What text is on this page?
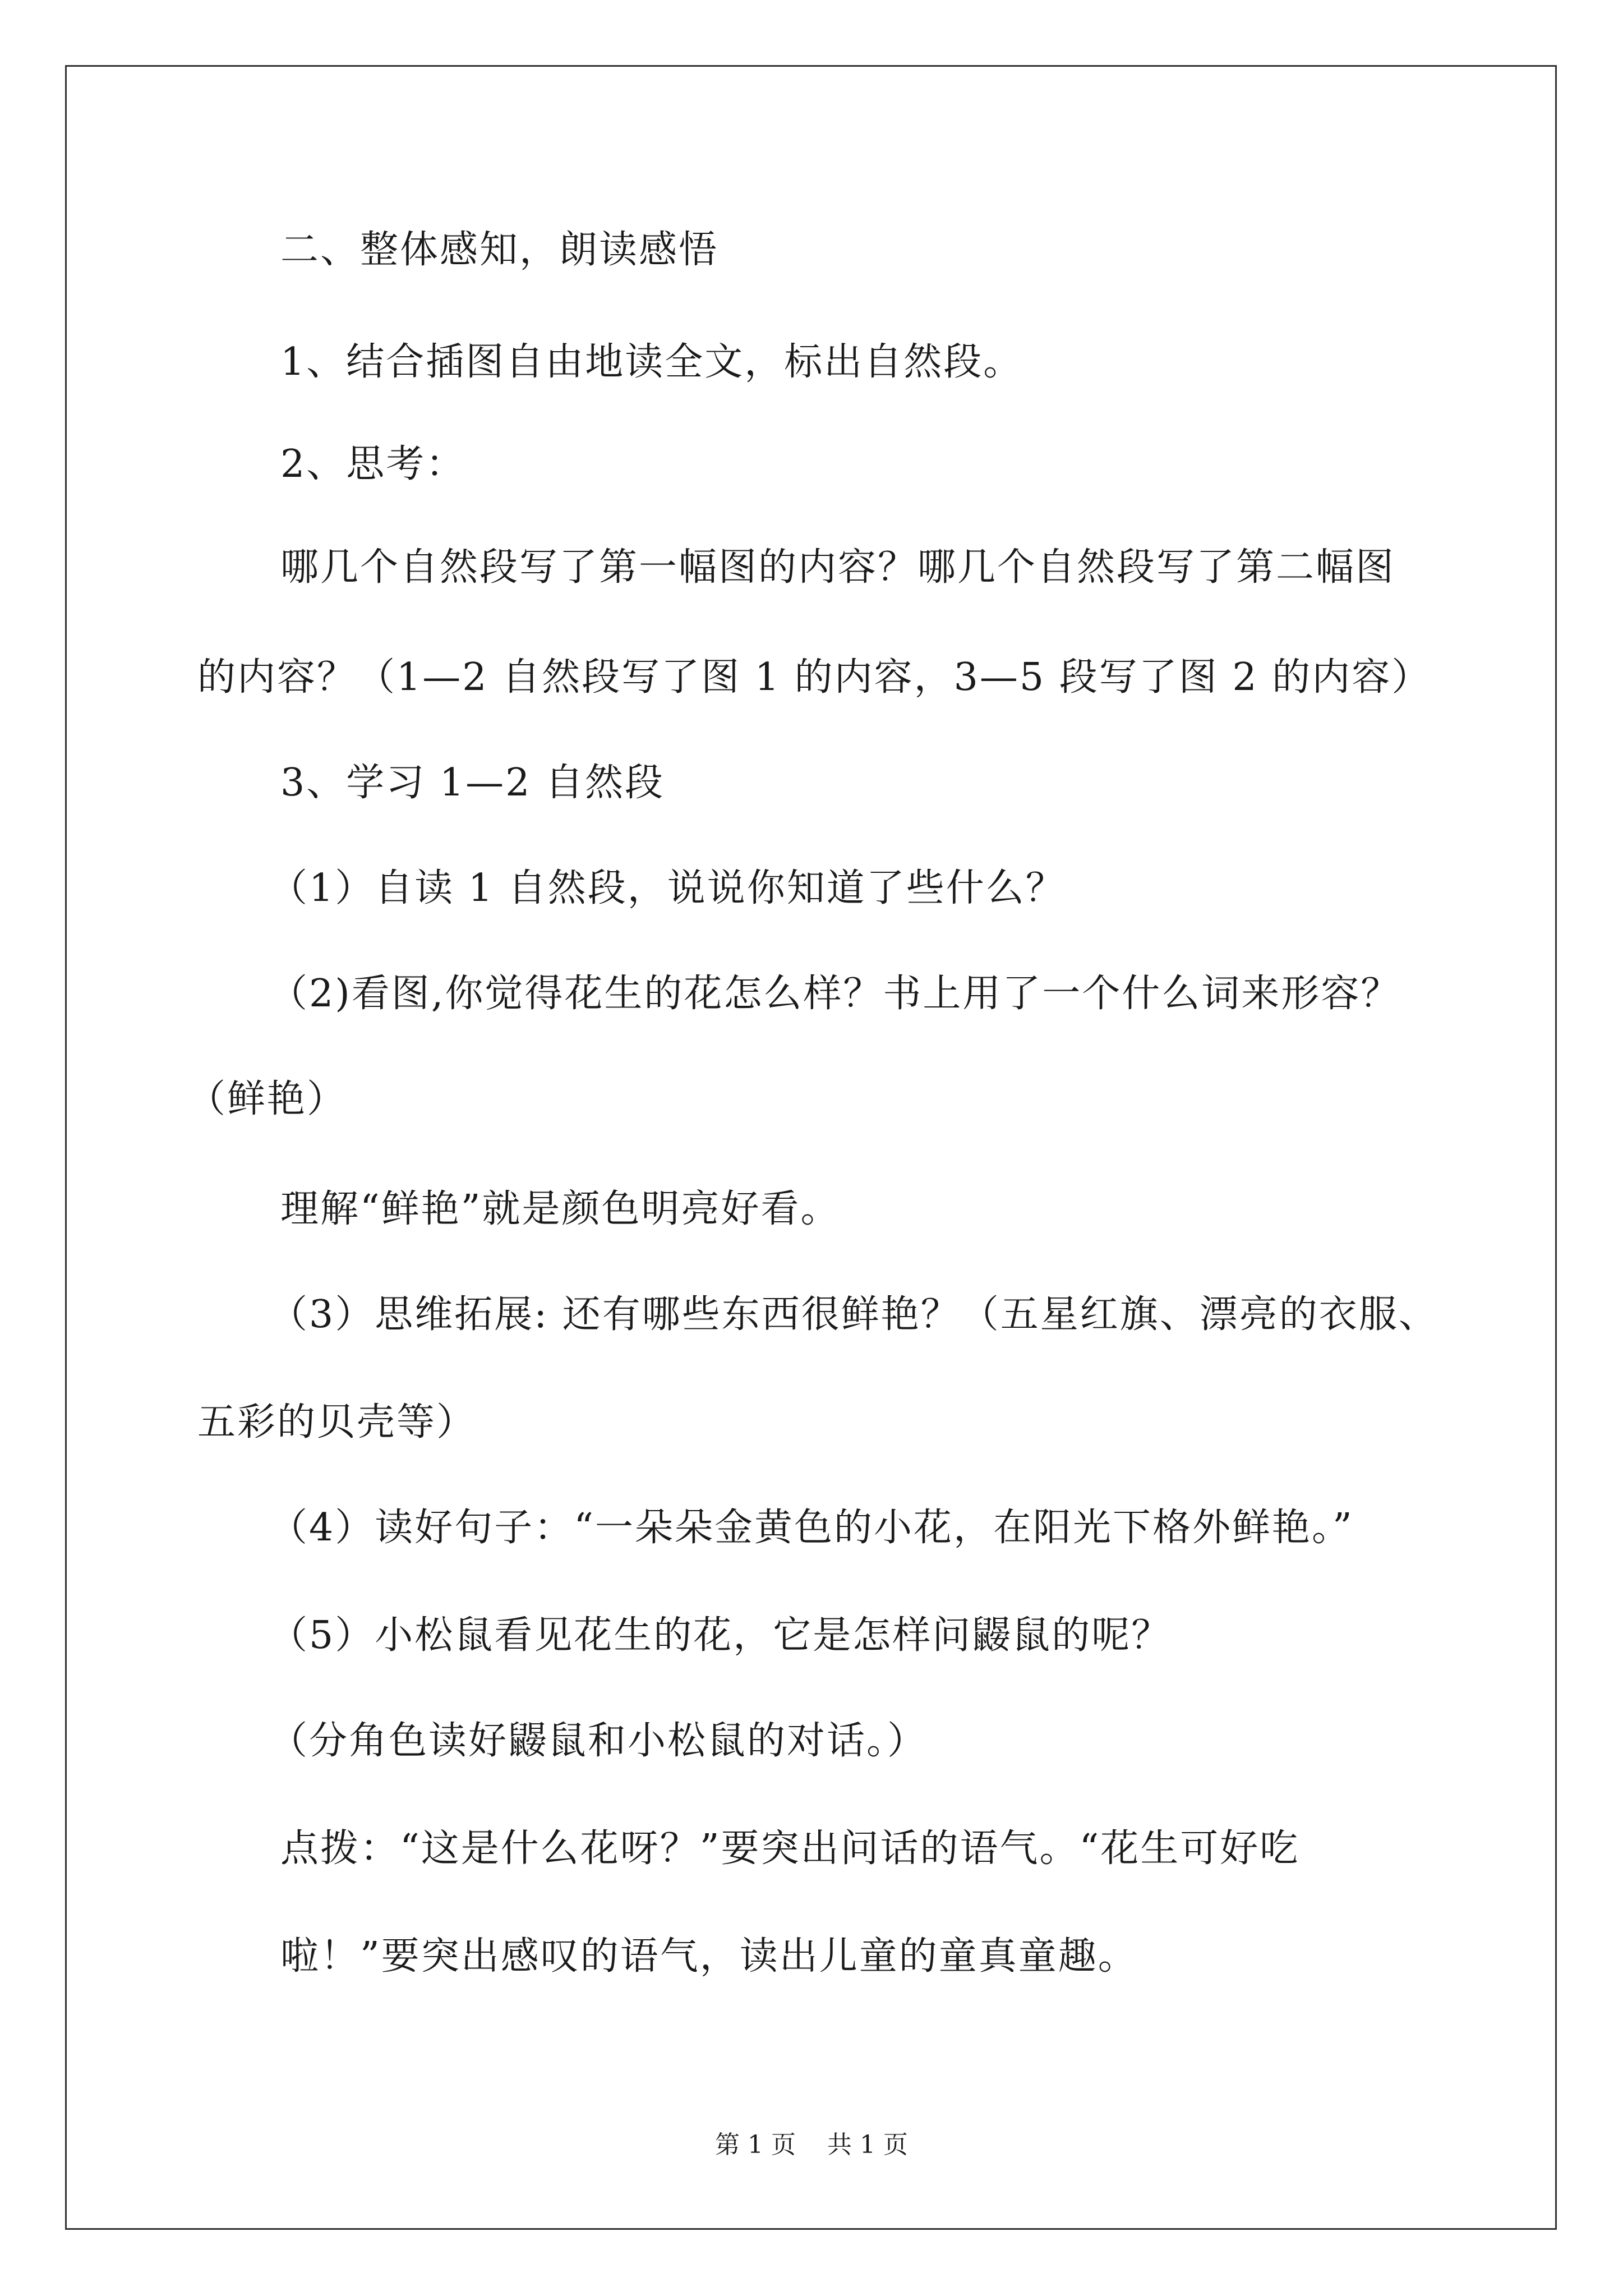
二、整体感知，朗读感悟
1、结合插图自由地读全文，标出自然段。
2、思考：
哪几个自然段写了第一幅图的内容？哪几个自然段写了第二幅图
的内容？（1—2 自然段写了图 1 的内容，3—5 段写了图 2 的内容）
3、学习 1—2 自然段
（1）自读 1 自然段，说说你知道了些什么？
（2)看图,你觉得花生的花怎么样？书上用了一个什么词来形容？
（鲜艳）
理解“鲜艳”就是颜色明亮好看。
（3）思维拓展: 还有哪些东西很鲜艳？（五星红旗、漂亮的衣服、
五彩的贝壳等）
（4）读好句子：“一朵朵金黄色的小花，在阳光下格外鲜艳。”
（5）小松鼠看见花生的花，它是怎样问鼹鼠的呢？
（分角色读好鼹鼠和小松鼠的对话。）
点拨：“这是什么花呀？”要突出问话的语气。“花生可好吃
啦！”要突出感叹的语气，读出儿童的童真童趣。
第 1 页    共 1 页
